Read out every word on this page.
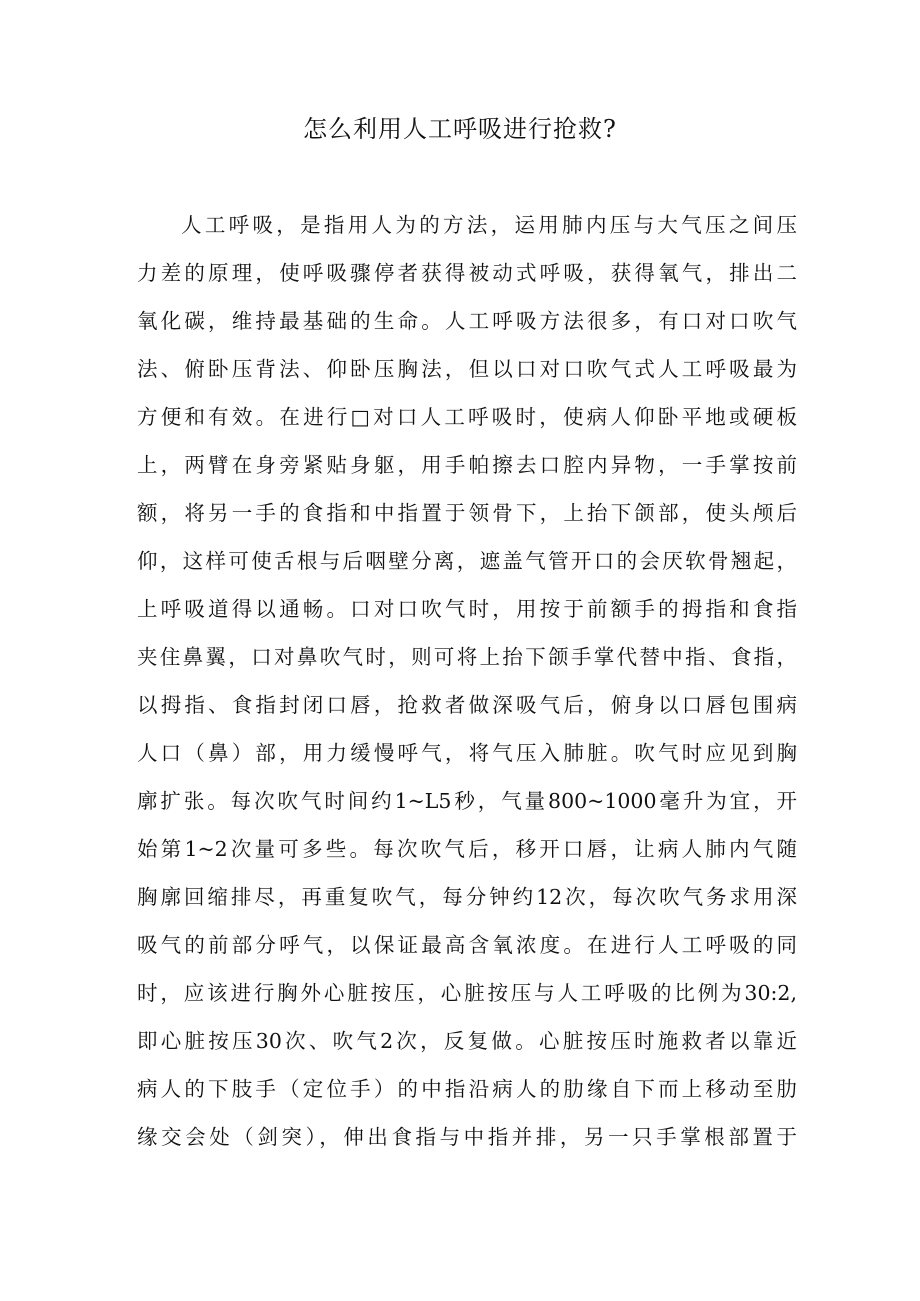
怎么利用人工呼吸进行抢救?
人工呼吸，是指用人为的方法，运用肺内压与大气压之间压
力差的原理，使呼吸骤停者获得被动式呼吸，获得氧气，排出二
氧化碳，维持最基础的生命。人工呼吸方法很多，有口对口吹气
法、俯卧压背法、仰卧压胸法，但以口对口吹气式人工呼吸最为
方便和有效。在进行□对口人工呼吸时，使病人仰卧平地或硬板
上，两臂在身旁紧贴身躯，用手帕擦去口腔内异物，一手掌按前
额，将另一手的食指和中指置于领骨下，上抬下颌部，使头颅后
仰，这样可使舌根与后咽壁分离，遮盖气管开口的会厌软骨翘起，
上呼吸道得以通畅。口对口吹气时，用按于前额手的拇指和食指
夹住鼻翼，口对鼻吹气时，则可将上抬下颌手掌代替中指、食指，
以拇指、食指封闭口唇，抢救者做深吸气后，俯身以口唇包围病
人口（鼻）部，用力缓慢呼气，将气压入肺脏。吹气时应见到胸
廓扩张。每次吹气时间约1~L5秒，气量800~1000毫升为宜，开
始第1~2次量可多些。每次吹气后，移开口唇，让病人肺内气随
胸廓回缩排尽，再重复吹气，每分钟约12次，每次吹气务求用深
吸气的前部分呼气，以保证最高含氧浓度。在进行人工呼吸的同
时，应该进行胸外心脏按压，心脏按压与人工呼吸的比例为30:2,
即心脏按压30次、吹气2次，反复做。心脏按压时施救者以靠近
病人的下肢手（定位手）的中指沿病人的肋缘自下而上移动至肋
缘交会处（剑突），伸出食指与中指并排，另一只手掌根部置于
